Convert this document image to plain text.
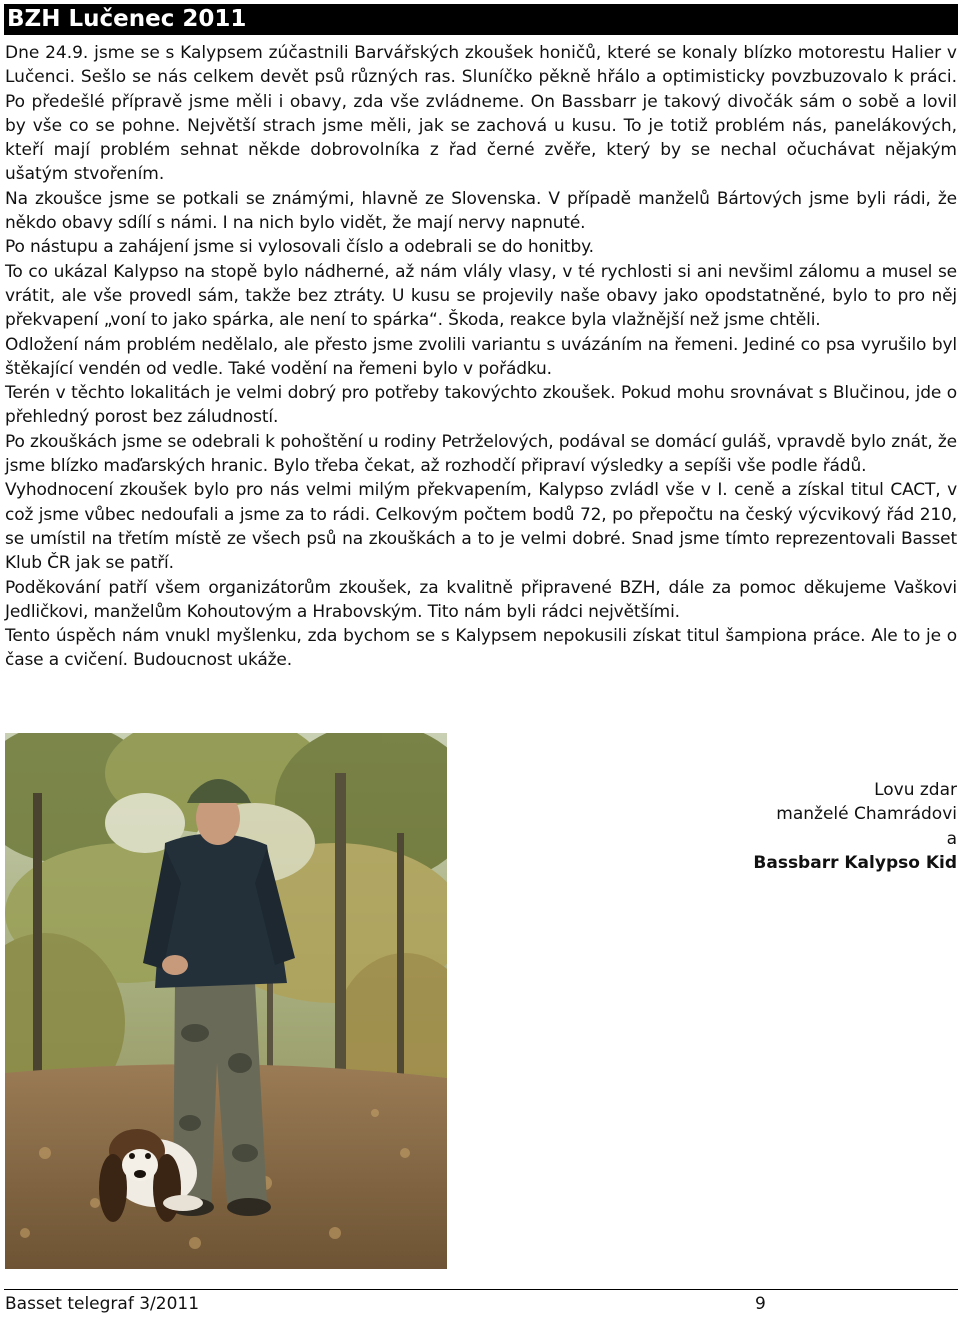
BZH Lučenec 2011

Dne 24.9. jsme se s Kalypsem zúčastnili Barvářských zkoušek honičů, které se konaly blízko motorestu Halier v Lučenci. Sešlo se nás celkem devět psů různých ras. Sluníčko pěkně hřálo a optimisticky povzbuzovalo k práci. Po předešlé přípravě jsme měli i obavy, zda vše zvládneme. On Bassbarr je takový divočák sám o sobě a lovil by vše co se pohne. Největší strach jsme měli, jak se zachová u kusu. To je totiž problém nás, panelákových, kteří mají problém sehnat někde dobrovolníka z řad černé zvěře, který by se nechal očuchávat nějakým ušatým stvořením.

Na zkoušce jsme se potkali se známými, hlavně ze Slovenska. V případě manželů Bártových jsme byli rádi, že někdo obavy sdílí s námi. I na nich bylo vidět, že mají nervy napnuté.

Po nástupu a zahájení jsme si vylosovali číslo a odebrali se do honitby.

To co ukázal Kalypso na stopě bylo nádherné, až nám vlály vlasy, v té rychlosti si ani nevšiml zálomu a musel se vrátit, ale vše provedl sám, takže bez ztráty. U kusu se projevily naše obavy jako opodstatněné, bylo to pro něj překvapení „voní to jako spárka, ale není to spárka“. Škoda, reakce byla vlažnější než jsme chtěli.

Odložení nám problém nedělalo, ale přesto jsme zvolili variantu s uvázáním na řemeni. Jediné co psa vyrušilo byl štěkající vendén od vedle. Také vodění na řemeni bylo v pořádku.

Terén v těchto lokalitách je velmi dobrý pro potřeby takovýchto zkoušek. Pokud mohu srovnávat s Blučinou, jde o přehledný porost bez záludností.

Po zkouškách jsme se odebrali k pohoštění u rodiny Petrželových, podával se domácí guláš, vpravdě bylo znát, že jsme blízko maďarských hranic. Bylo třeba čekat, až rozhodčí připraví výsledky a sepíši vše podle řádů.

Vyhodnocení zkoušek bylo pro nás velmi milým překvapením, Kalypso zvládl vše v I. ceně a získal titul CACT, v což jsme vůbec nedoufali a jsme za to rádi. Celkovým počtem bodů 72, po přepočtu na český výcvikový řád 210, se umístil na třetím místě ze všech psů na zkouškách a to je velmi dobré. Snad jsme tímto reprezentovali Basset Klub ČR jak se patří.

Poděkování patří všem organizátorům zkoušek, za kvalitně připravené BZH, dále za pomoc děkujeme Vaškovi Jedličkovi, manželům Kohoutovým a Hrabovským. Tito nám byli rádci největšími.

Tento úspěch nám vnukl myšlenku, zda bychom se s Kalypsem nepokusili získat titul šampiona práce. Ale to je o čase a cvičení. Budoucnost ukáže.

Lovu zdar
manželé Chamrádovi
a
Bassbarr Kalypso Kid
Basset telegraf 3/2011	9
